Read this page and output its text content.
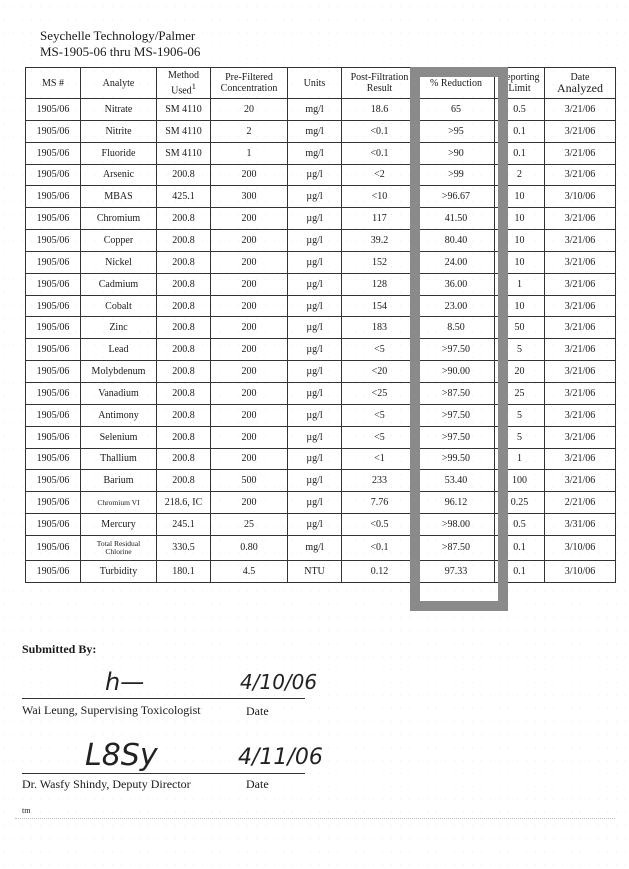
Seychelle Technology/Palmer
MS-1905-06 thru MS-1906-06
MS #	Analyte	Method Used$^1$	Pre-Filtered Concentration	Units	Post-Filtration Result	% Reduction	Reporting Limit	Date
Analyzed

1905/06	Nitrate	SM 4110	20	mg/l	18.6	65	0.5	3/21/06
1905/06	Nitrite	SM 4110	2	mg/l	<0.1	>95	0.1	3/21/06
1905/06	Fluoride	SM 4110	1	mg/l	<0.1	>90	0.1	3/21/06
1905/06	Arsenic	200.8	200	µg/l	<2	>99	2	3/21/06
1905/06	MBAS	425.1	300	µg/l	<10	>96.67	10	3/10/06
1905/06	Chromium	200.8	200	µg/l	117	41.50	10	3/21/06
1905/06	Copper	200.8	200	µg/l	39.2	80.40	10	3/21/06
1905/06	Nickel	200.8	200	µg/l	152	24.00	10	3/21/06
1905/06	Cadmium	200.8	200	µg/l	128	36.00	1	3/21/06
1905/06	Cobalt	200.8	200	µg/l	154	23.00	10	3/21/06
1905/06	Zinc	200.8	200	µg/l	183	8.50	50	3/21/06
1905/06	Lead	200.8	200	µg/l	<5	>97.50	5	3/21/06
1905/06	Molybdenum	200.8	200	µg/l	<20	>90.00	20	3/21/06
1905/06	Vanadium	200.8	200	µg/l	<25	>87.50	25	3/21/06
1905/06	Antimony	200.8	200	µg/l	<5	>97.50	5	3/21/06
1905/06	Selenium	200.8	200	µg/l	<5	>97.50	5	3/21/06
1905/06	Thallium	200.8	200	µg/l	<1	>99.50	1	3/21/06
1905/06	Barium	200.8	500	µg/l	233	53.40	100	3/21/06
1905/06	Chromium VI	218.6, IC	200	µg/l	7.76	96.12	0.25	2/21/06
1905/06	Mercury	245.1	25	µg/l	<0.5	>98.00	0.5	3/31/06
1905/06	Total Residual Chlorine	330.5	0.80	mg/l	<0.1	>87.50	0.1	3/10/06
1905/06	Turbidity	180.1	4.5	NTU	0.12	97.33	0.1	3/10/06
Submitted By:
h—	4/10/06
Wai Leung, Supervising Toxicologist	Date
L8Sy	4/11/06
Dr. Wasfy Shindy, Deputy Director	Date
tm
